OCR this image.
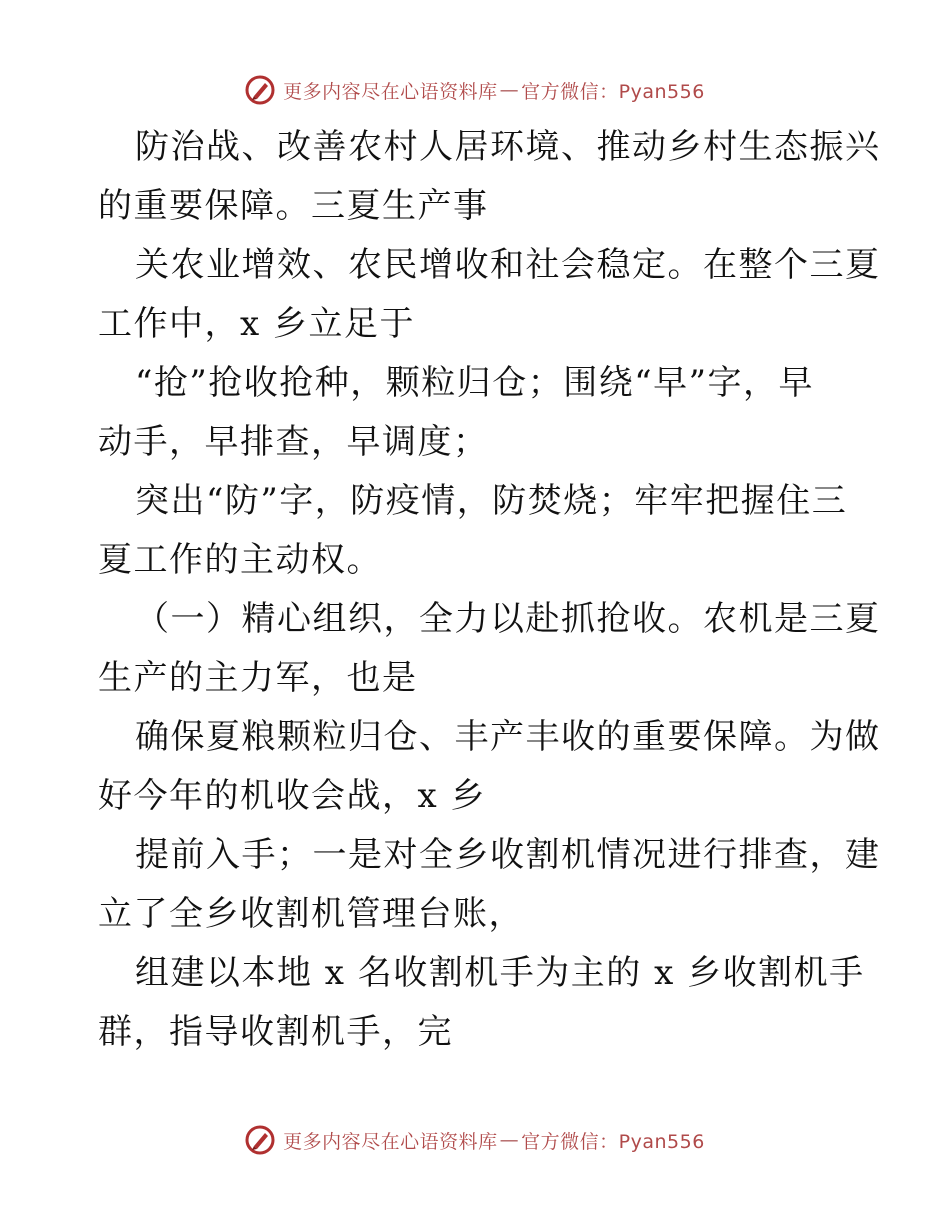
更多内容尽在心语资料库 — 官方微信：Pyan556
防治战、改善农村人居环境、推动乡村生态振兴
的重要保障。三夏生产事
关农业增效、农民增收和社会稳定。在整个三夏
工作中，x 乡立足于
“抢”抢收抢种，颗粒归仓；围绕“早”字，早
动手，早排查，早调度；
突出“防”字，防疫情，防焚烧；牢牢把握住三
夏工作的主动权。
（一）精心组织，全力以赴抓抢收。农机是三夏
生产的主力军，也是
确保夏粮颗粒归仓、丰产丰收的重要保障。为做
好今年的机收会战，x 乡
提前入手；一是对全乡收割机情况进行排查，建
立了全乡收割机管理台账，
组建以本地 x 名收割机手为主的 x 乡收割机手
群，指导收割机手，完
更多内容尽在心语资料库 — 官方微信：Pyan556
